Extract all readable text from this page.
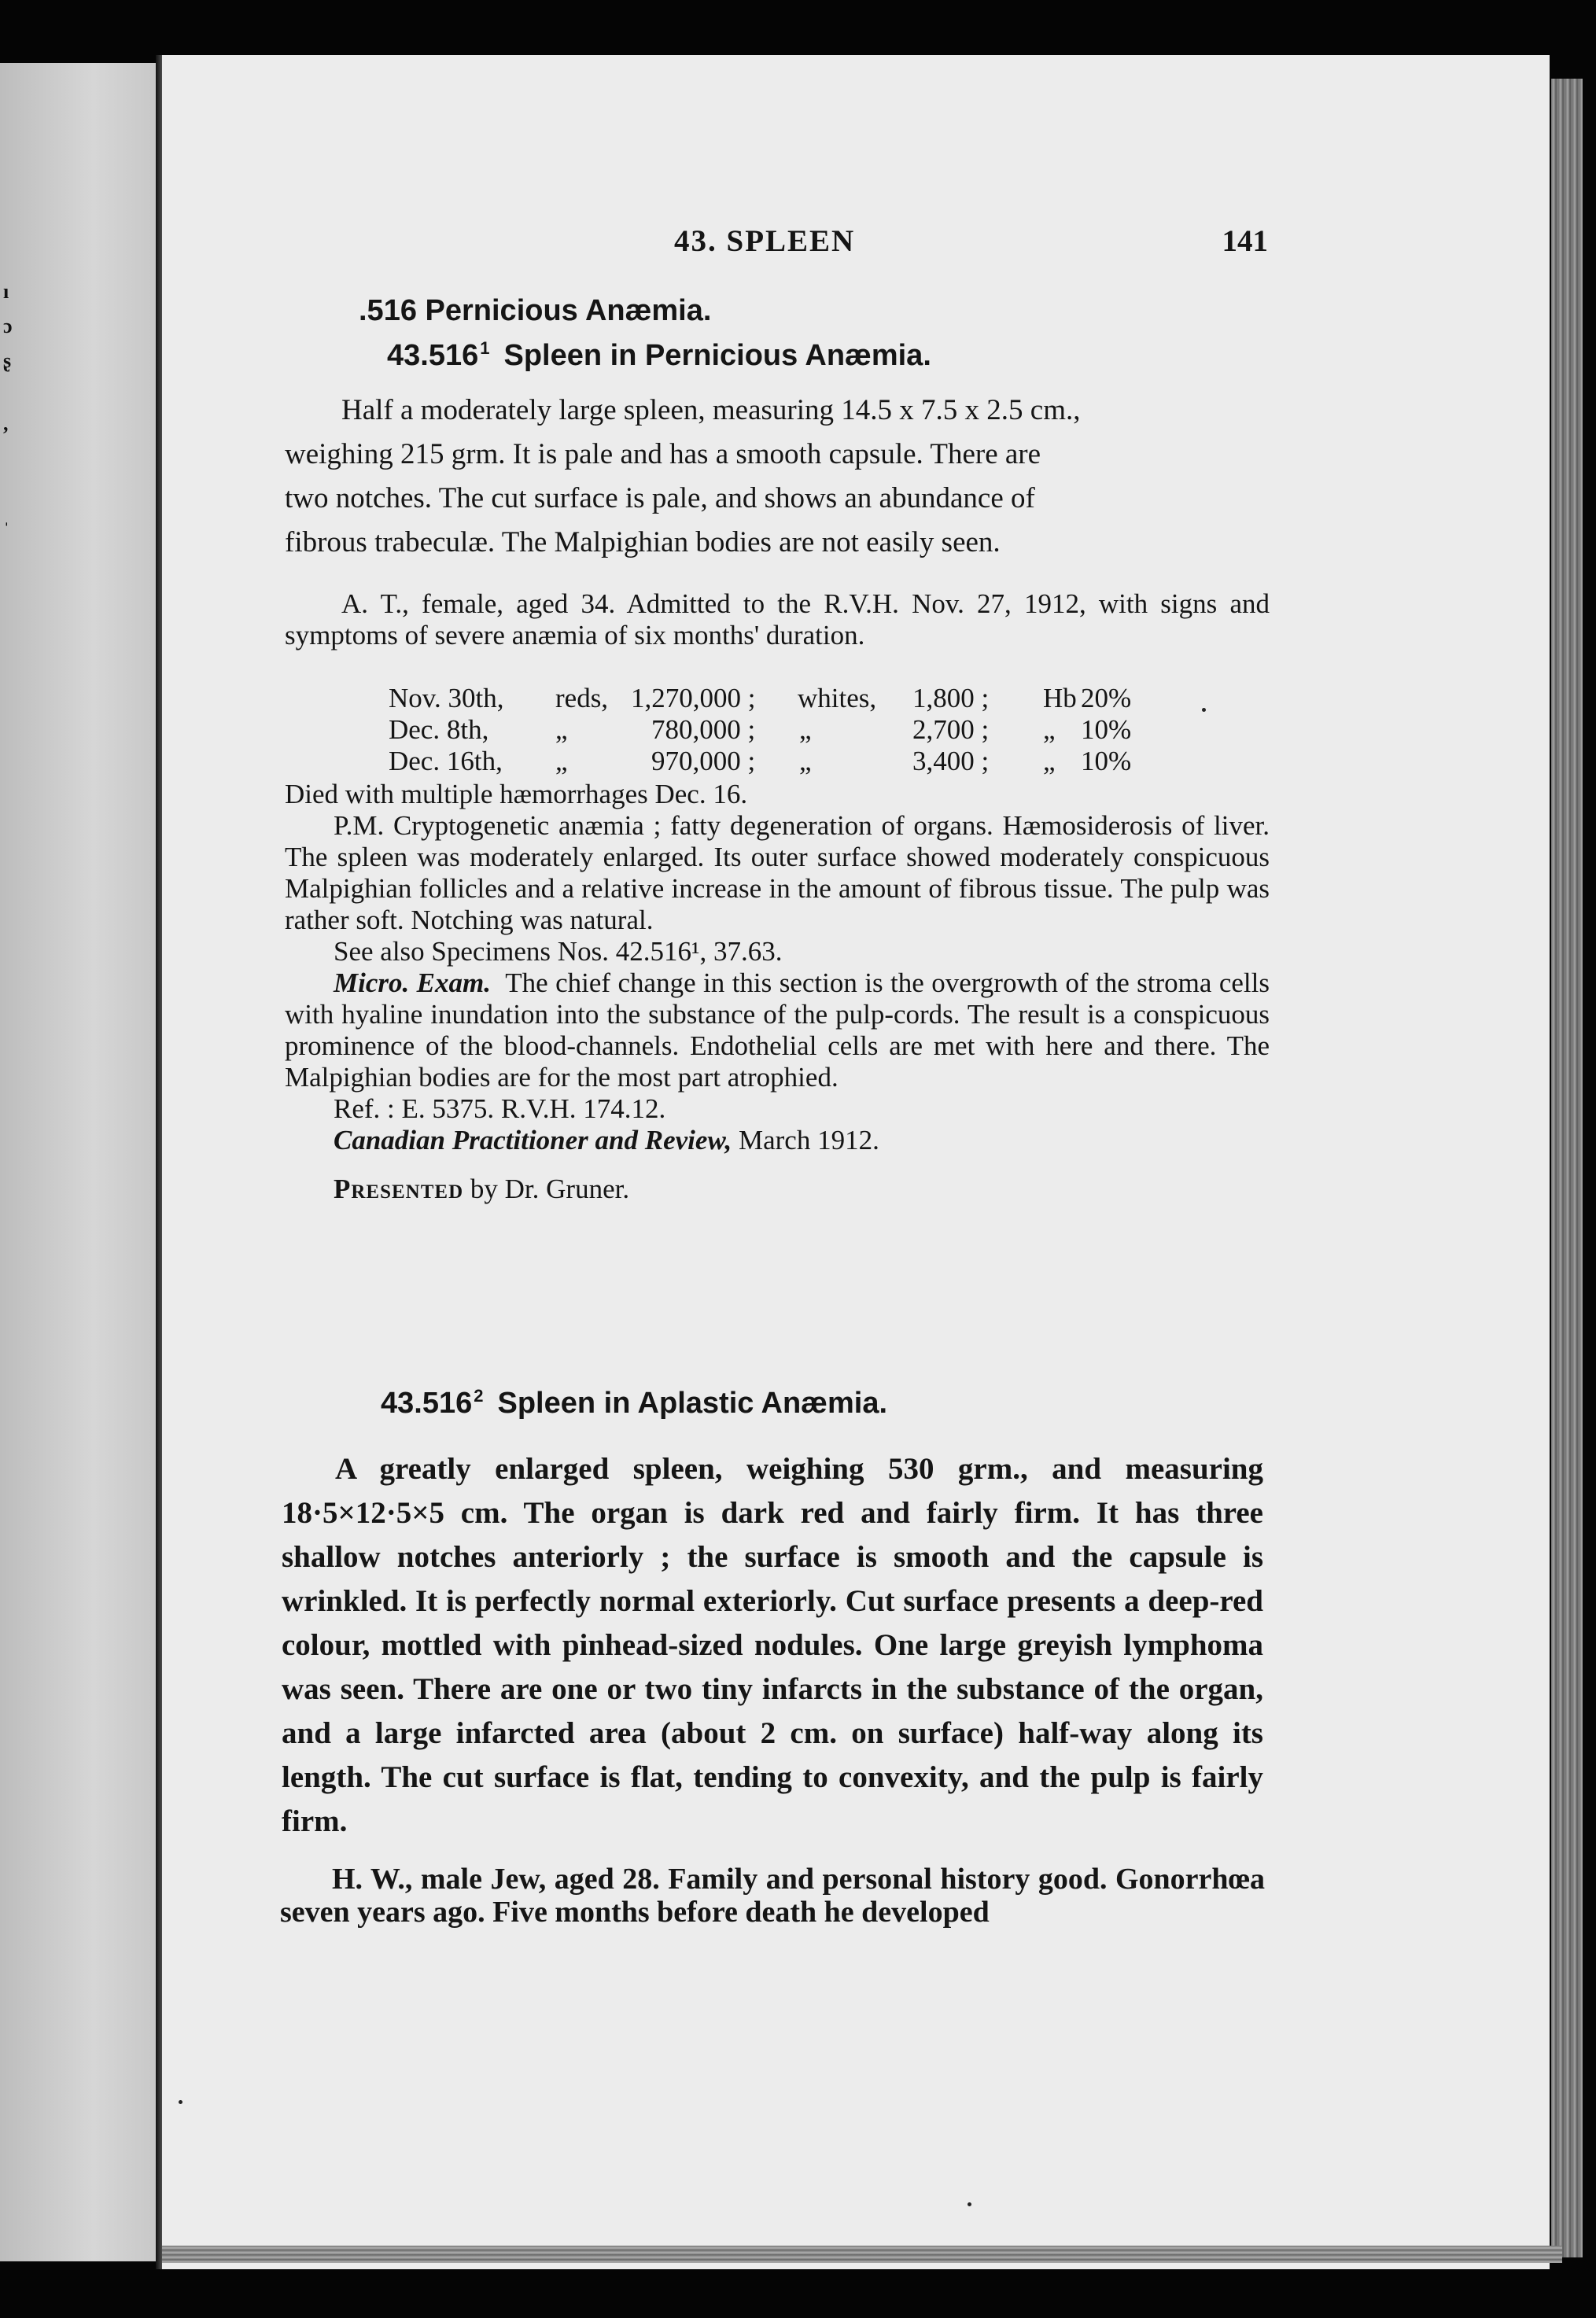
ı
ɔ
ʂ
,
ˌ
43. SPLEEN	141
.516 Pernicious Anæmia.
43.516$^1$ Spleen in Pernicious Anæmia.
Half a moderately large spleen, measuring 14.5 x 7.5 x 2.5 cm.,
weighing 215 grm. It is pale and has a smooth capsule. There are
two notches. The cut surface is pale, and shows an abundance of
fibrous trabeculæ. The Malpighian bodies are not easily seen.

A. T., female, aged 34. Admitted to the R.V.H. Nov. 27, 1912, with signs and symptoms of severe anæmia of six months' duration.

Nov. 30th, reds, 1,270,000 ; whites, 1,800 ; Hb 20%
Dec. 8th, „	780,000 ; „	2,700 ; „ 10%
Dec. 16th, „	970,000 ; „	3,400 ; „ 10%

Died with multiple hæmorrhages Dec. 16.

P.M. Cryptogenetic anæmia ; fatty degeneration of organs. Hæmosiderosis of liver. The spleen was moderately enlarged. Its outer surface showed moderately conspicuous Malpighian follicles and a relative increase in the amount of fibrous tissue. The pulp was rather soft. Notching was natural.

See also Specimens Nos. 42.516¹, 37.63.

Micro. Exam. The chief change in this section is the overgrowth of the stroma cells with hyaline inundation into the substance of the pulp-cords. The result is a conspicuous prominence of the blood-channels. Endothelial cells are met with here and there. The Malpighian bodies are for the most part atrophied.

Ref. : E. 5375. R.V.H. 174.12.

Canadian Practitioner and Review, March 1912.

Presented by Dr. Gruner.

43.516$^2$ Spleen in Aplastic Anæmia.

A greatly enlarged spleen, weighing 530 grm., and measuring 18·5×12·5×5 cm. The organ is dark red and fairly firm. It has three shallow notches anteriorly ; the surface is smooth and the capsule is wrinkled. It is perfectly normal exteriorly. Cut surface presents a deep-red colour, mottled with pinhead-sized nodules. One large greyish lymphoma was seen. There are one or two tiny infarcts in the substance of the organ, and a large infarcted area (about 2 cm. on surface) half-way along its length. The cut surface is flat, tending to convexity, and the pulp is fairly firm.

H. W., male Jew, aged 28. Family and personal history good. Gonorrhœa seven years ago. Five months before death he developed
